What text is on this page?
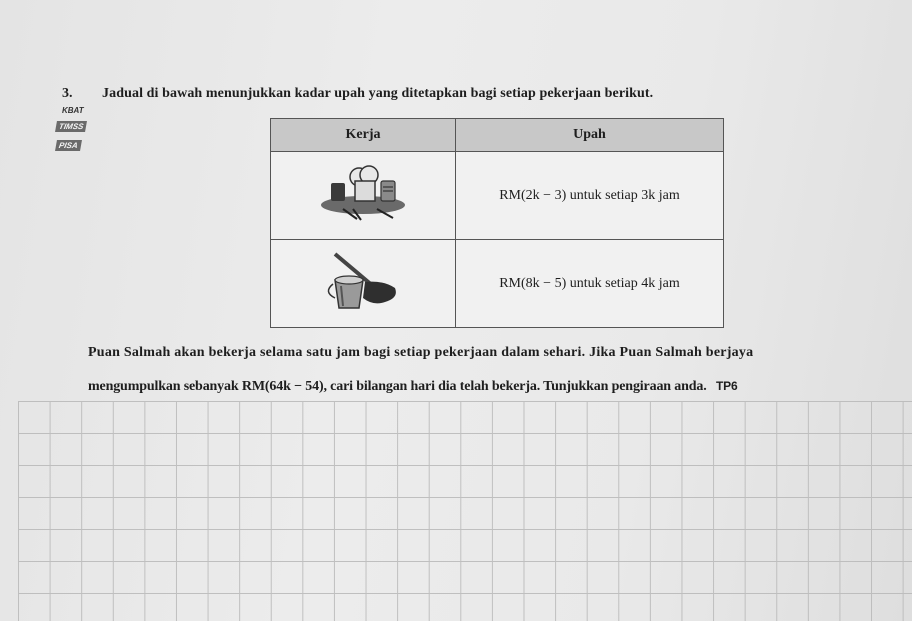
3. Jadual di bawah menunjukkan kadar upah yang ditetapkan bagi setiap pekerjaan berikut.
KBAT
TIMSS
PISA
Kerja	Upah
	RM(2k − 3) untuk setiap 3k jam
	RM(8k − 5) untuk setiap 4k jam
Puan Salmah akan bekerja selama satu jam bagi setiap pekerjaan dalam sehari. Jika Puan Salmah berjaya
mengumpulkan sebanyak RM(64k − 54), cari bilangan hari dia telah bekerja. Tunjukkan pengiraan anda. TP6
